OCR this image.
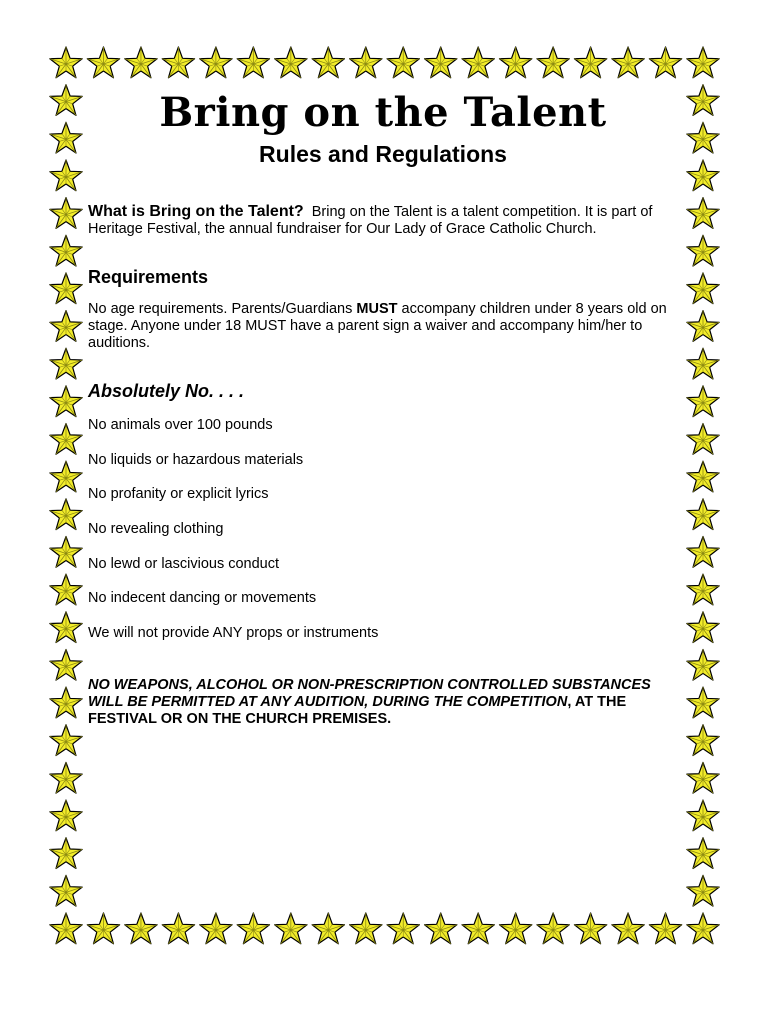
Bring on the Talent
Rules and Regulations

What is Bring on the Talent? Bring on the Talent is a talent competition. It is part of Heritage Festival, the annual fundraiser for Our Lady of Grace Catholic Church.

Requirements

No age requirements. Parents/Guardians MUST accompany children under 8 years old on stage. Anyone under 18 MUST have a parent sign a waiver and accompany him/her to auditions.

Absolutely No. . . .
No animals over 100 pounds
No liquids or hazardous materials
No profanity or explicit lyrics
No revealing clothing
No lewd or lascivious conduct
No indecent dancing or movements
We will not provide ANY props or instruments

NO WEAPONS, ALCOHOL OR NON-PRESCRIPTION CONTROLLED SUBSTANCES WILL BE PERMITTED AT ANY AUDITION, DURING THE COMPETITION, AT THE FESTIVAL OR ON THE CHURCH PREMISES.
